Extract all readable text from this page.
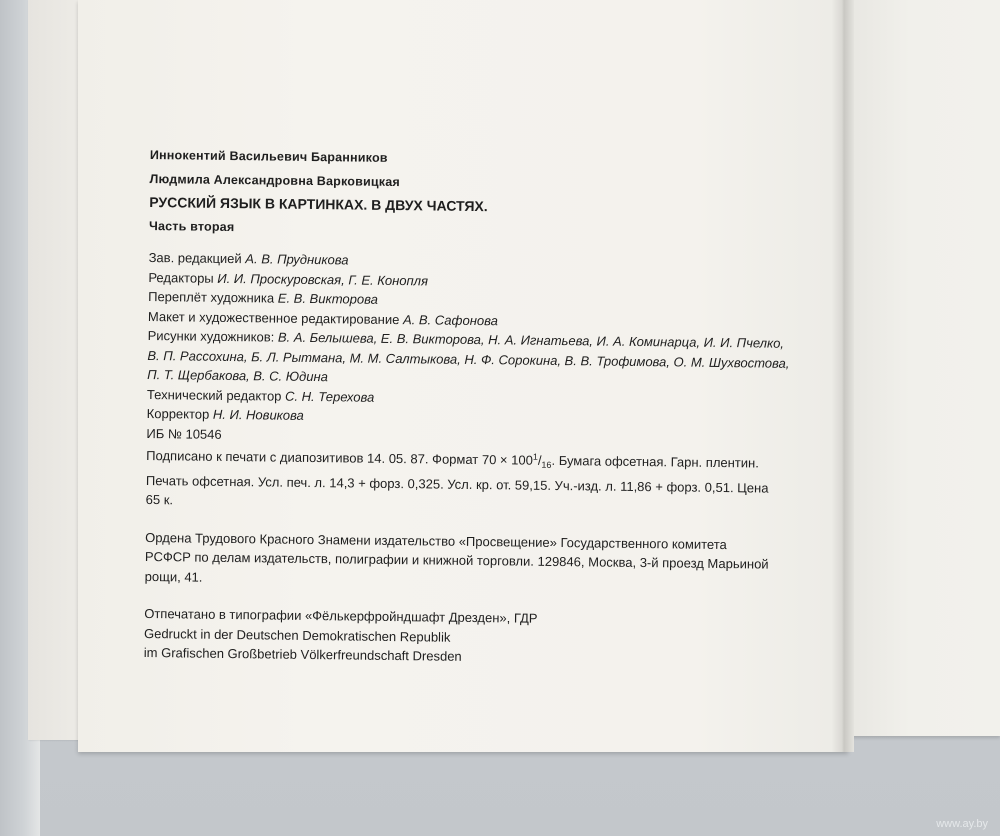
Иннокентий Васильевич Баранников
Людмила Александровна Варковицкая
РУССКИЙ ЯЗЫК В КАРТИНКАХ. В ДВУХ ЧАСТЯХ.
Часть вторая
Зав. редакцией А. В. Прудникова
Редакторы И. И. Проскуровская, Г. Е. Конопля
Переплёт художника Е. В. Викторова
Макет и художественное редактирование А. В. Сафонова
Рисунки художников: В. А. Белышева, Е. В. Викторова, Н. А. Игнатьева, И. А. Коминарца, И. И. Пчелко,
В. П. Рассохина, Б. Л. Рытмана, М. М. Салтыкова, Н. Ф. Сорокина, В. В. Трофимова, О. М. Шухвостова,
П. Т. Щербакова, В. С. Юдина
Технический редактор С. Н. Терехова
Корректор Н. И. Новикова
ИБ № 10546
Подписано к печати с диапозитивов 14. 05. 87. Формат $70 \times 100^1/_{16}$. Бумага офсетная. Гарн. плентин.
Печать офсетная. Усл. печ. л. 14,3 + форз. 0,325. Усл. кр. от. 59,15. Уч.-изд. л. 11,86 + форз. 0,51. Цена
65 к.
Ордена Трудового Красного Знамени издательство «Просвещение» Государственного комитета
РСФСР по делам издательств, полиграфии и книжной торговли. 129846, Москва, 3-й проезд Марьиной
рощи, 41.
Отпечатано в типографии «Фёлькерфройндшафт Дрезден», ГДР
Gedruckt in der Deutschen Demokratischen Republik
im Grafischen Großbetrieb Völkerfreundschaft Dresden
www.ay.by
